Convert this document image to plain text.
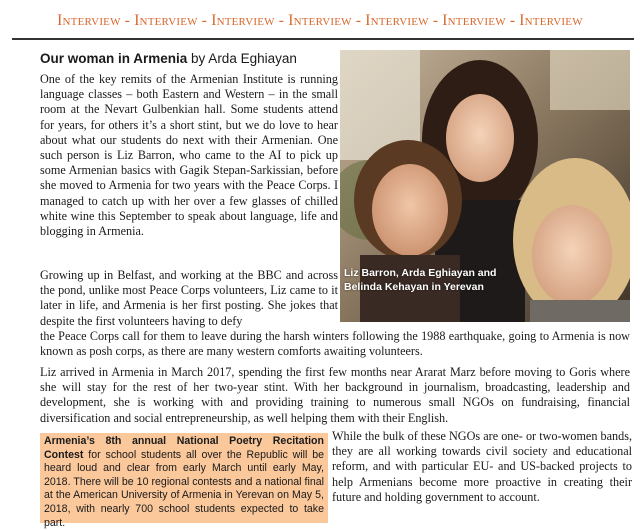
Interview - Interview - Interview - Interview - Interview - Interview - Interview
Our woman in Armenia by Arda Eghiayan

One of the key remits of the Armenian Institute is running language classes – both Eastern and Western – in the small room at the Nevart Gulbenkian hall. Some students attend for years, for others it’s a short stint, but we do love to hear about what our students do next with their Armenian. One such person is Liz Barron, who came to the AI to pick up some Armenian basics with Gagik Stepan-Sarkissian, before she moved to Armenia for two years with the Peace Corps. I managed to catch up with her over a few glasses of chilled white wine this September to speak about language, life and blogging in Armenia.

Liz Barron, Arda Eghiayan and Belinda Kehayan in Yerevan

Growing up in Belfast, and working at the BBC and across the pond, unlike most Peace Corps volunteers, Liz came to it later in life, and Armenia is her first posting. She jokes that despite the first volunteers having to defy

the Peace Corps call for them to leave during the harsh winters following the 1988 earthquake, going to Armenia is now known as posh corps, as there are many western comforts awaiting volunteers.

Liz arrived in Armenia in March 2017, spending the first few months near Ararat Marz before moving to Goris where she will stay for the rest of her two-year stint. With her background in journalism, broadcasting, leadership and development, she is working with and providing training to numerous small NGOs on fundraising, financial diversification and social entrepreneurship, as well helping them with their English.

Armenia’s 8th annual National Poetry Recitation Contest for school students all over the Republic will be heard loud and clear from early March until early May, 2018. There will be 10 regional contests and a national final at the American University of Armenia in Yerevan on May 5, 2018, with nearly 700 school students expected to take part.

While the bulk of these NGOs are one- or two-women bands, they are all working towards civil society and educational reform, and with particular EU- and US-backed projects to help Armenians become more proactive in creating their future and holding government to account.
